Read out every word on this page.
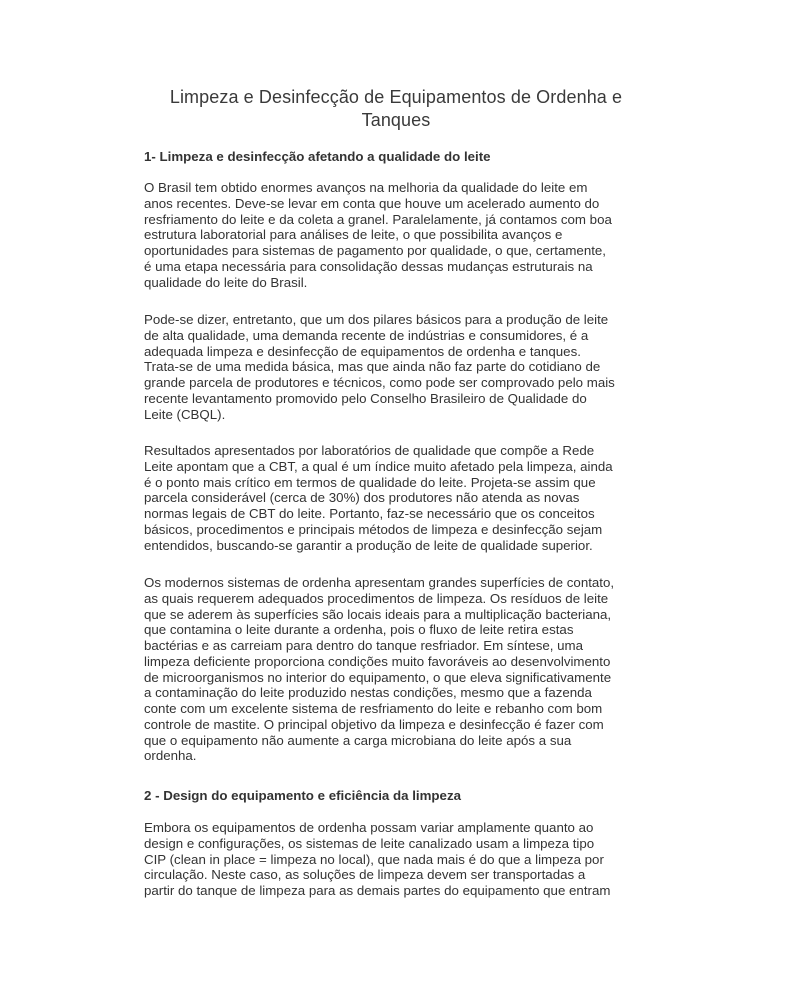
Limpeza e Desinfecção de Equipamentos de Ordenha e
Tanques
1- Limpeza e desinfecção afetando a qualidade do leite
O Brasil tem obtido enormes avanços na melhoria da qualidade do leite em
anos recentes. Deve-se levar em conta que houve um acelerado aumento do
resfriamento do leite e da coleta a granel. Paralelamente, já contamos com boa
estrutura laboratorial para análises de leite, o que possibilita avanços e
oportunidades para sistemas de pagamento por qualidade, o que, certamente,
é uma etapa necessária para consolidação dessas mudanças estruturais na
qualidade do leite do Brasil.
Pode-se dizer, entretanto, que um dos pilares básicos para a produção de leite
de alta qualidade, uma demanda recente de indústrias e consumidores, é a
adequada limpeza e desinfecção de equipamentos de ordenha e tanques.
Trata-se de uma medida básica, mas que ainda não faz parte do cotidiano de
grande parcela de produtores e técnicos, como pode ser comprovado pelo mais
recente levantamento promovido pelo Conselho Brasileiro de Qualidade do
Leite (CBQL).
Resultados apresentados por laboratórios de qualidade que compõe a Rede
Leite apontam que a CBT, a qual é um índice muito afetado pela limpeza, ainda
é o ponto mais crítico em termos de qualidade do leite. Projeta-se assim que
parcela considerável (cerca de 30%) dos produtores não atenda as novas
normas legais de CBT do leite. Portanto, faz-se necessário que os conceitos
básicos, procedimentos e principais métodos de limpeza e desinfecção sejam
entendidos, buscando-se garantir a produção de leite de qualidade superior.
Os modernos sistemas de ordenha apresentam grandes superfícies de contato,
as quais requerem adequados procedimentos de limpeza. Os resíduos de leite
que se aderem às superfícies são locais ideais para a multiplicação bacteriana,
que contamina o leite durante a ordenha, pois o fluxo de leite retira estas
bactérias e as carreiam para dentro do tanque resfriador. Em síntese, uma
limpeza deficiente proporciona condições muito favoráveis ao desenvolvimento
de microorganismos no interior do equipamento, o que eleva significativamente
a contaminação do leite produzido nestas condições, mesmo que a fazenda
conte com um excelente sistema de resfriamento do leite e rebanho com bom
controle de mastite. O principal objetivo da limpeza e desinfecção é fazer com
que o equipamento não aumente a carga microbiana do leite após a sua
ordenha.
2 - Design do equipamento e eficiência da limpeza
Embora os equipamentos de ordenha possam variar amplamente quanto ao
design e configurações, os sistemas de leite canalizado usam a limpeza tipo
CIP (clean in place = limpeza no local), que nada mais é do que a limpeza por
circulação. Neste caso, as soluções de limpeza devem ser transportadas a
partir do tanque de limpeza para as demais partes do equipamento que entram
